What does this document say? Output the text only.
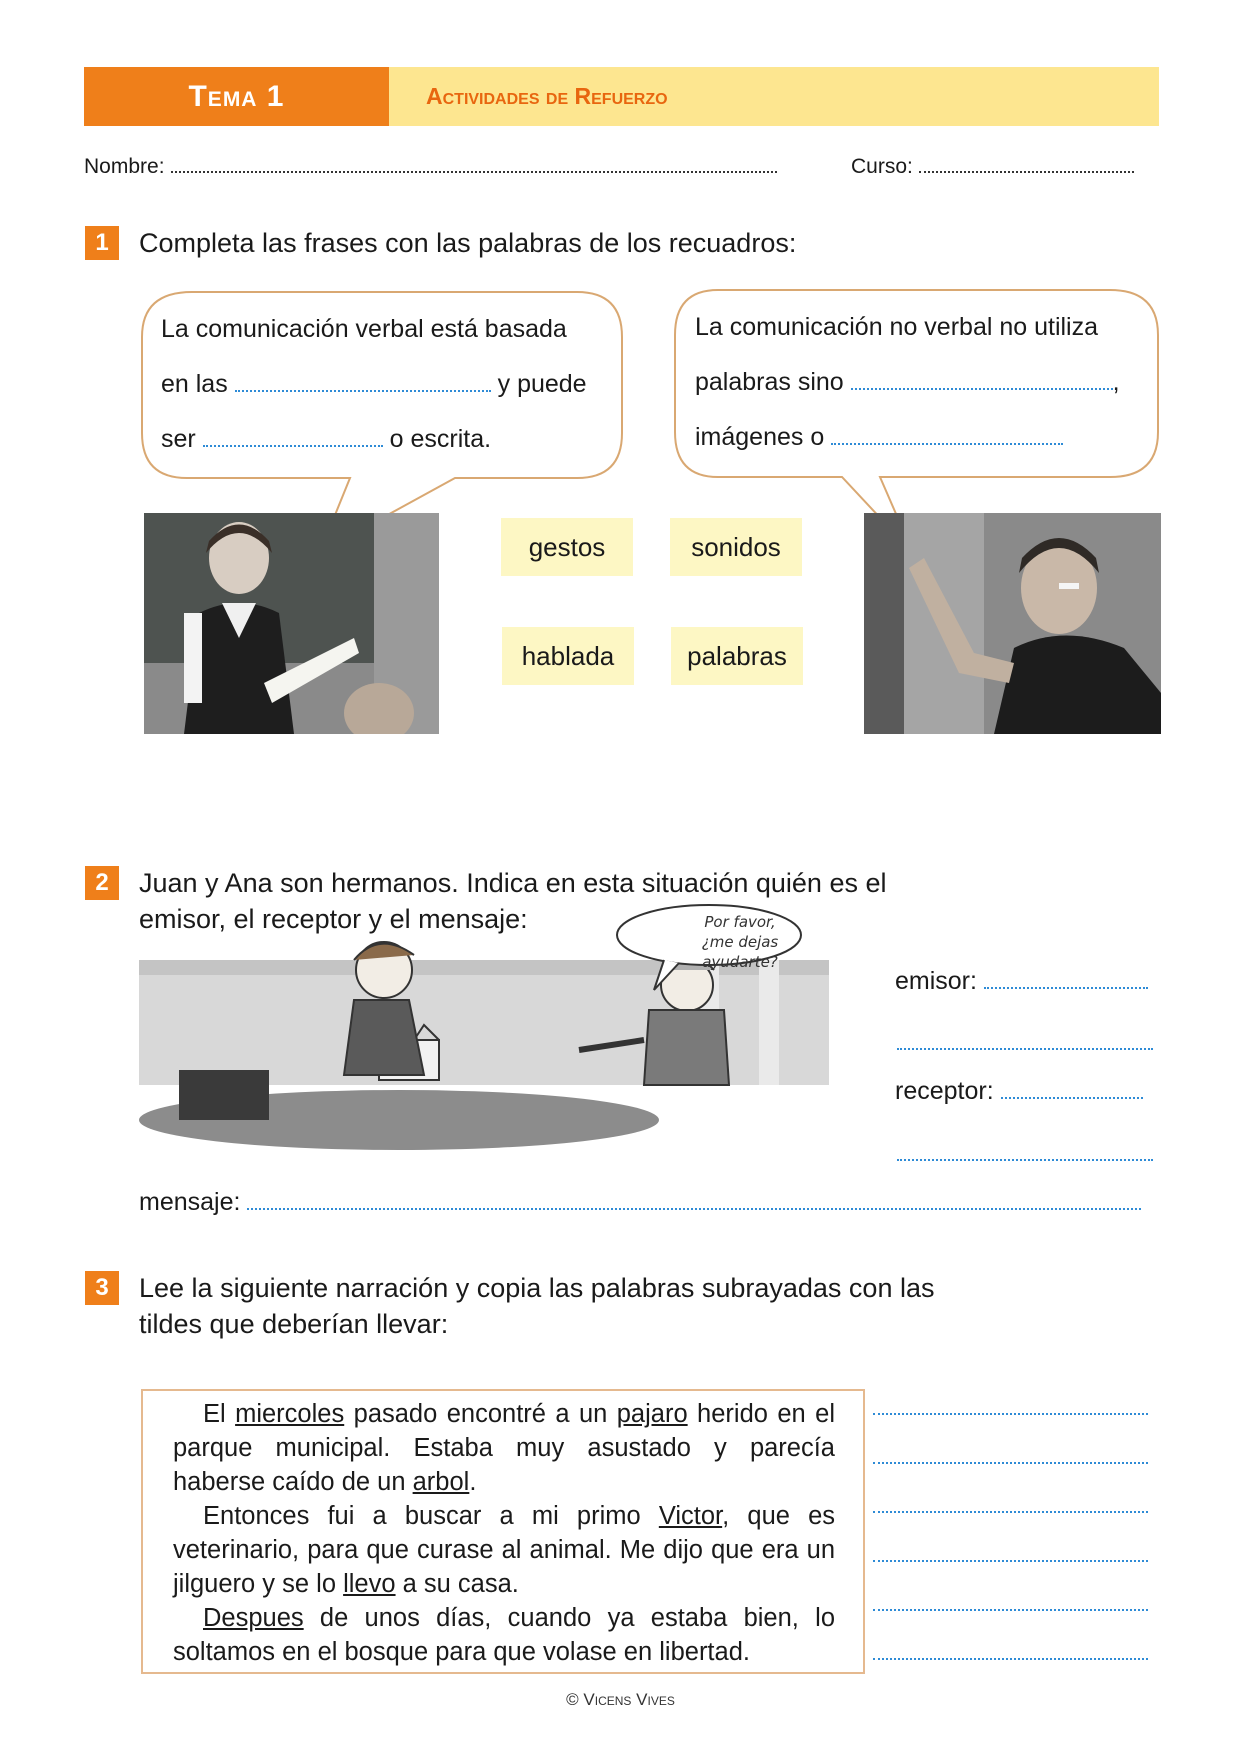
Tema 1	Actividades de Refuerzo
Nombre:	Curso:
1	Completa las frases con las palabras de los recuadros:
La comunicación verbal está basada
en las	y puede
ser	o escrita.
La comunicación no verbal no utiliza
palabras sino	,
imágenes o
gestos	sonidos
hablada	palabras
2	Juan y Ana son hermanos. Indica en esta situación quién es el
emisor, el receptor y el mensaje:	Por favor,
¿me dejas ayudarte?
emisor:
receptor:
mensaje:
3	Lee la siguiente narración y copia las palabras subrayadas con las
tildes que deberían llevar:

El miercoles pasado encontré a un pajaro herido en el parque municipal. Estaba muy asustado y parecía haberse caído de un arbol.

Entonces fui a buscar a mi primo Victor, que es veterinario, para que curase al animal. Me dijo que era un jilguero y se lo llevo a su casa.

Despues de unos días, cuando ya estaba bien, lo soltamos en el bosque para que volase en libertad.

© Vicens Vives
